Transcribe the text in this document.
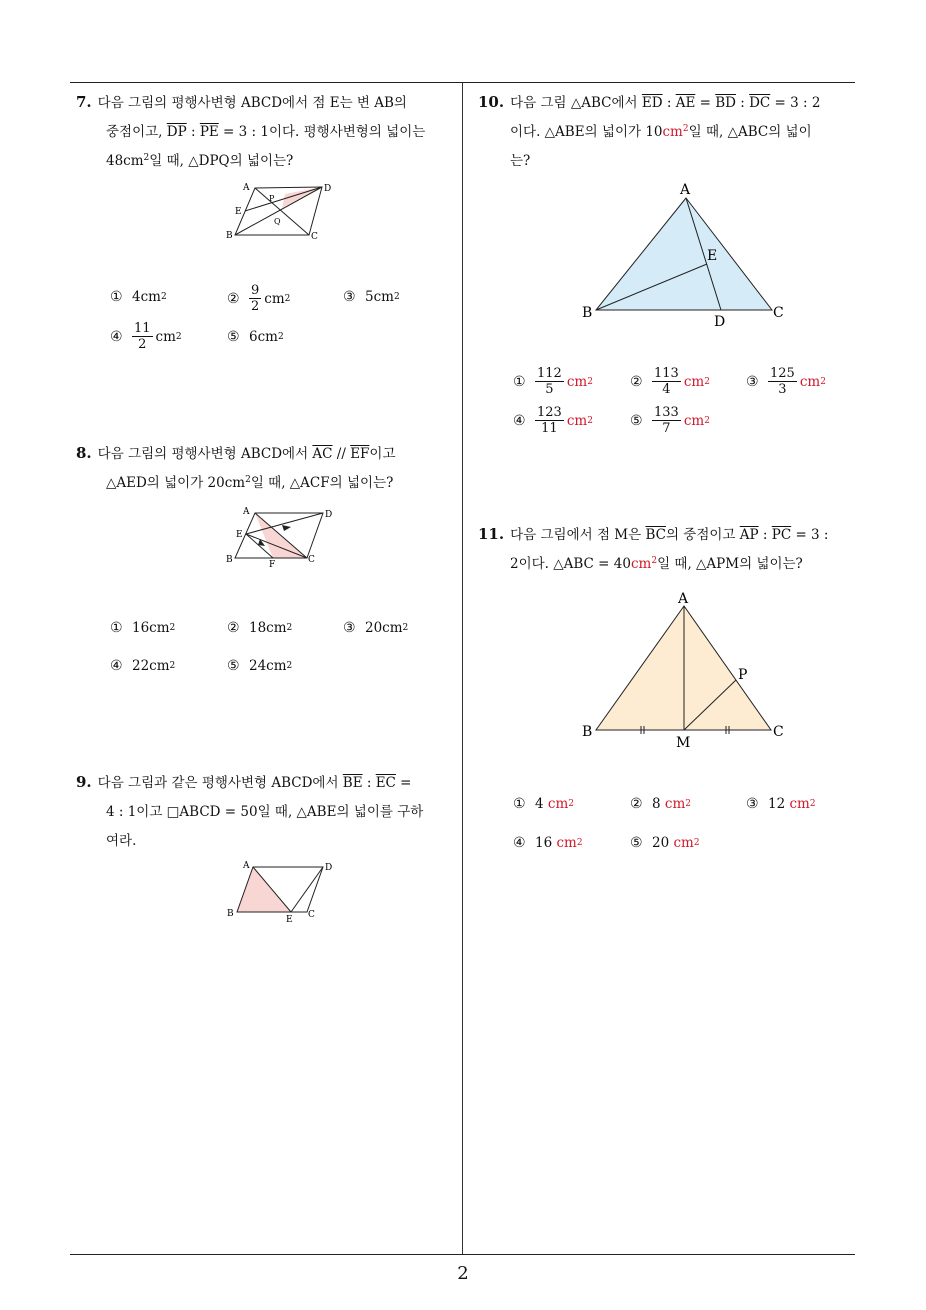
7. 다음 그림의 평행사변형 ABCD에서 점 E는 변 AB의
중점이고, $\overline{DP}$ : $\overline{PE} = 3$ : 1이다. 평행사변형의 넓이는
$48cm^2$일 때, △DPQ의 넓이는?
A	D
E
P
Q
B	C
① 4cm 2	② $\frac{9}{2}$ cm 2	③ 5cm 2
④ $\frac{11}{2}$ cm 2	⑤ 6cm 2
8. 다음 그림의 평행사변형 ABCD에서 $\overline{AC} // \overline{EF}$이고
△AED의 넓이가 $20cm^2$일 때, △ACF의 넓이는?
A	D
E
B	F	C
① 16cm 2	② 18cm 2	③ 20cm 2
④ 22cm 2	⑤ 24cm 2
9. 다음 그림과 같은 평행사변형 ABCD에서 $\overline{BE}$ : $\overline{EC}$ =
4 : 1이고 □ABCD = 50일 때, △ABE의 넓이를 구하
여라.
A	D
B
E C
10. 다음 그림 △ABC에서 $\overline{ED}$ : $\overline{AE} = \overline{BD}$ : $\overline{DC} = 3$ : 2
이다. △ABE의 넓이가 $10cm^2$일 때, △ABC의 넓이
는?
A
E
B
D
C
① $\frac{112}{5}$ cm 2	② $\frac{113}{4}$ cm 2	③ $\frac{125}{3}$ cm 2
④ $\frac{123}{11}$ cm 2	⑤ $\frac{133}{7}$ cm 2
11. 다음 그림에서 점 M은 $\overline{BC}$의 중점이고 $\overline{AP}$ : $\overline{PC} = 3$ :
2이다. △ABC = $40cm^2$일 때, △APM의 넓이는?
A
P
B
M
C
① 4
cm 2	② 8
cm 2	③ 12
cm 2
④ 16
cm 2	⑤ 20
cm 2
2
